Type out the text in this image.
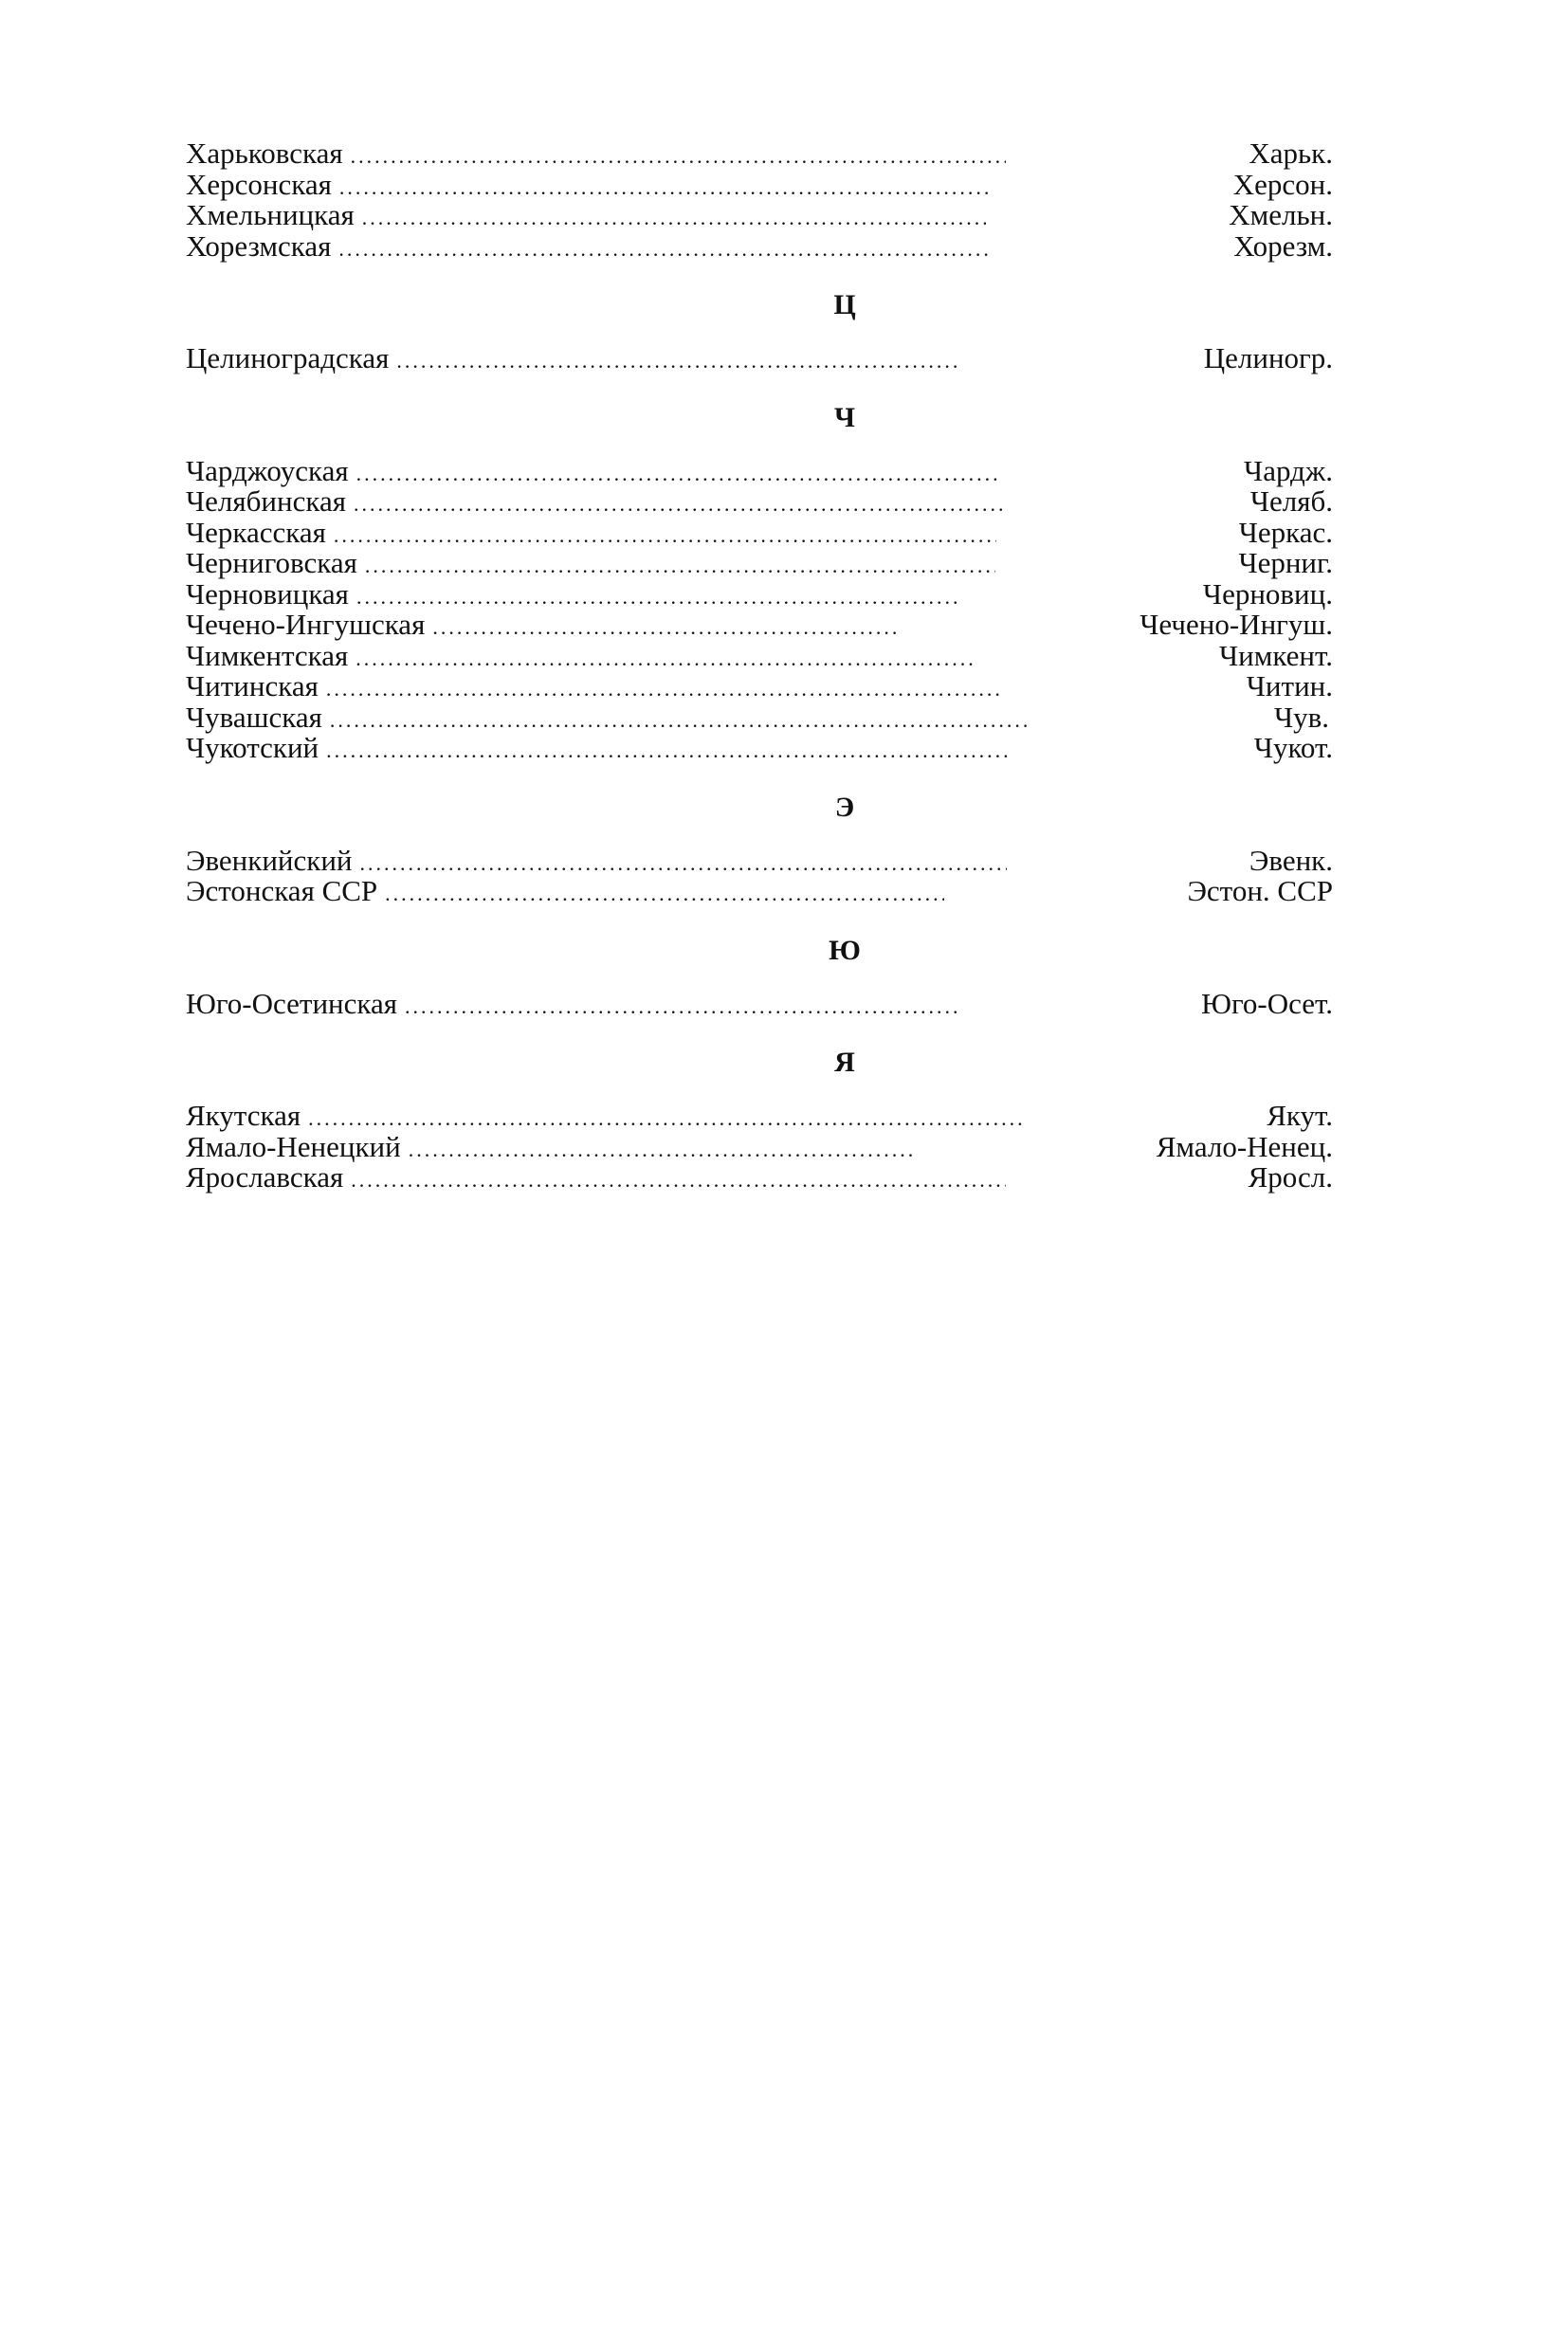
Харьковская .....	Харьк.
Херсонская .....	Херсон.
Хмельницкая .....	Хмельн.
Хорезмская .....	Хорезм.
Ц
Целиноградская .....	Целиногр.
Ч
Чарджоуская .....	Чардж.
Челябинская .....	Челяб.
Черкасская .....	Черкас.
Черниговская .....	Черниг.
Черновицкая .....	Черновиц.
Чечено-Ингушская .....	Чечено-Ингуш.
Чимкентская .....	Чимкент.
Читинская .....	Читин.
Чувашская .....	Чув.
Чукотский .....	Чукот.
Э
Эвенкийский .....	Эвенк.
Эстонская ССР .....	Эстон. ССР
Ю
Юго-Осетинская .....	Юго-Осет.
Я
Якутская .....	Якут.
Ямало-Ненецкий .....	Ямало-Ненец.
Ярославская .....	Яросл.
